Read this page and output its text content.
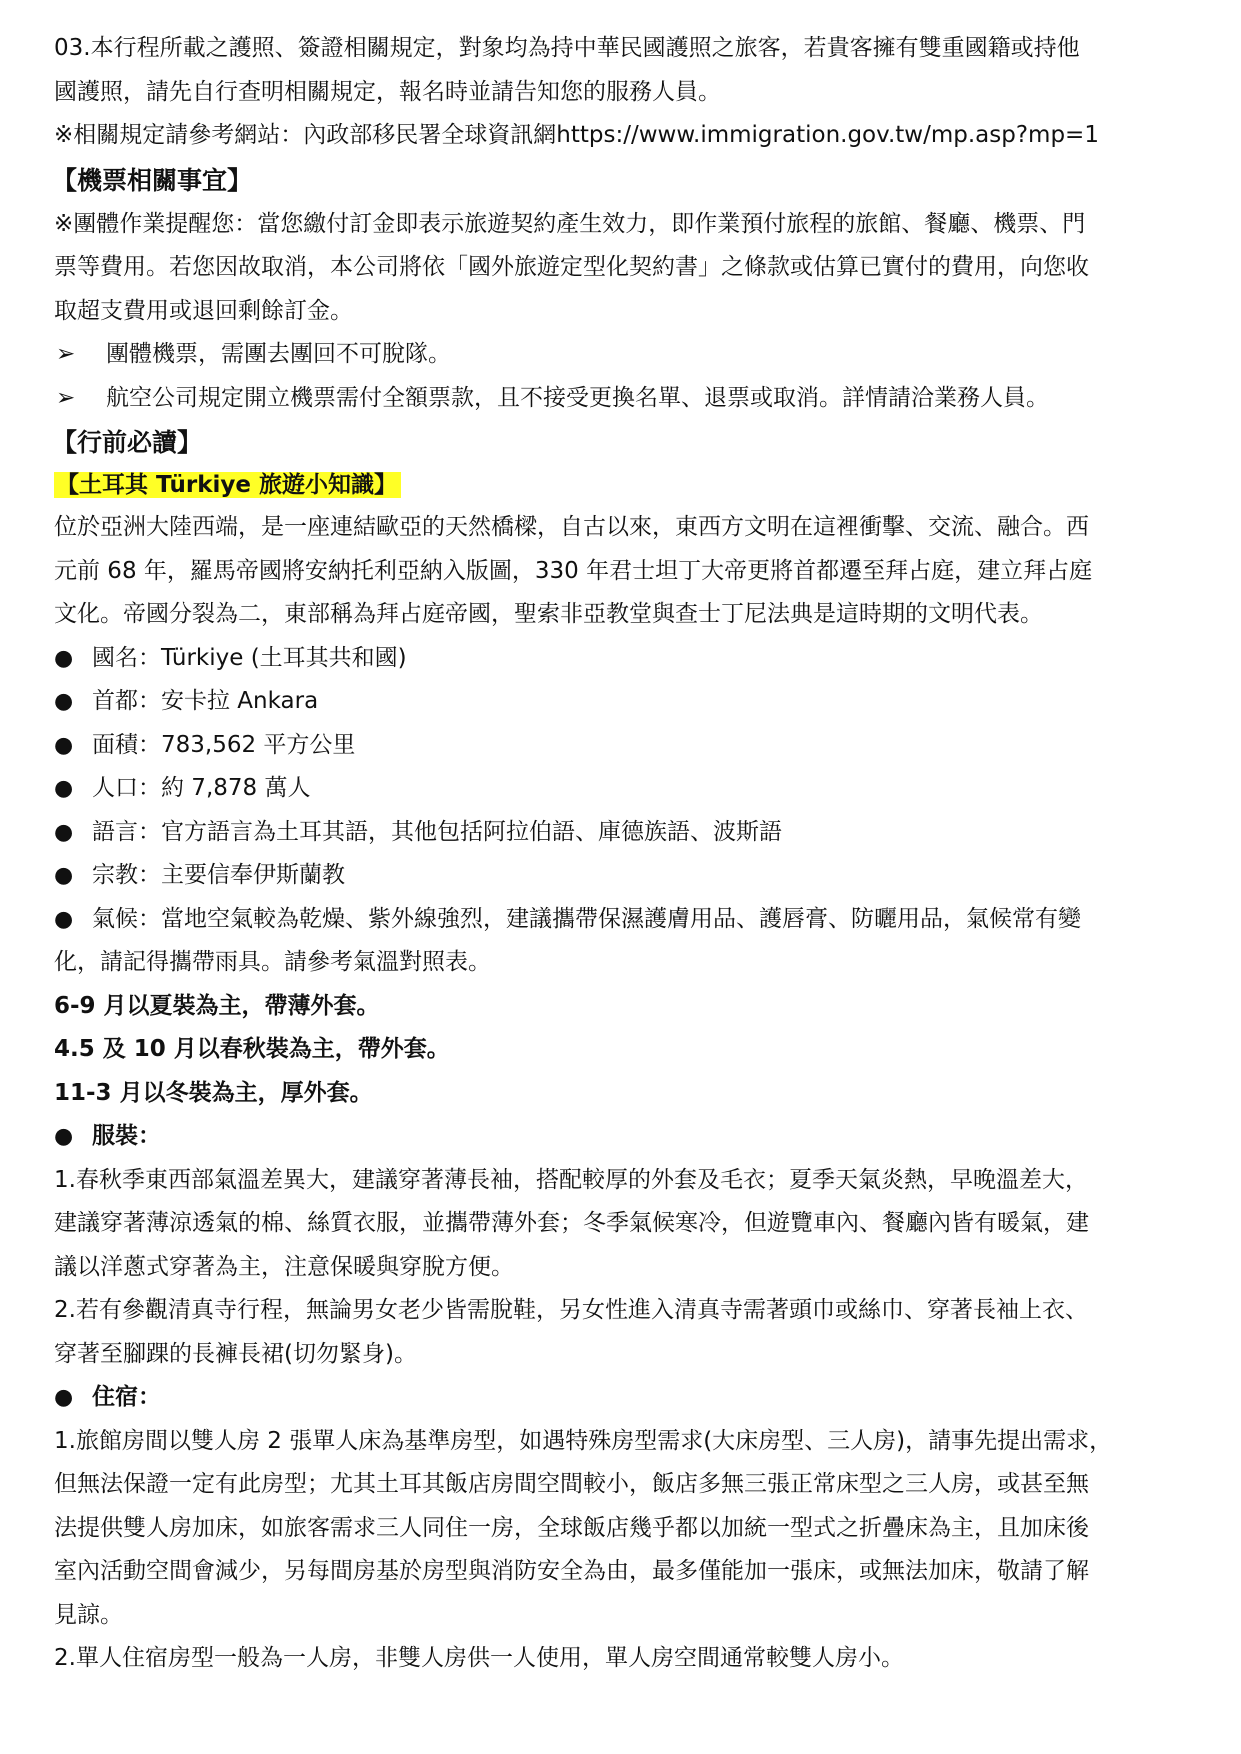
03.本行程所載之護照、簽證相關規定，對象均為持中華民國護照之旅客，若貴客擁有雙重國籍或持他

國護照，請先自行查明相關規定，報名時並請告知您的服務人員。

※相關規定請參考網站：內政部移民署全球資訊網https://www.immigration.gov.tw/mp.asp?mp=1

【機票相關事宜】

※團體作業提醒您：當您繳付訂金即表示旅遊契約產生效力，即作業預付旅程的旅館、餐廳、機票、門

票等費用。若您因故取消，本公司將依「國外旅遊定型化契約書」之條款或估算已實付的費用，向您收

取超支費用或退回剩餘訂金。

➢	團體機票，需團去團回不可脫隊。
➢	航空公司規定開立機票需付全額票款，且不接受更換名單、退票或取消。詳情請洽業務人員。

【行前必讀】

【土耳其 Türkiye 旅遊小知識】

位於亞洲大陸西端，是一座連結歐亞的天然橋樑，自古以來，東西方文明在這裡衝擊、交流、融合。西

元前 68 年，羅馬帝國將安納托利亞納入版圖，330 年君士坦丁大帝更將首都遷至拜占庭，建立拜占庭

文化。帝國分裂為二，東部稱為拜占庭帝國，聖索非亞教堂與查士丁尼法典是這時期的文明代表。

● 國名：Türkiye (土耳其共和國)
● 首都：安卡拉 Ankara
● 面積：783,562 平方公里
● 人口：約 7,878 萬人
● 語言：官方語言為土耳其語，其他包括阿拉伯語、庫德族語、波斯語
● 宗教：主要信奉伊斯蘭教
● 氣候：當地空氣較為乾燥、紫外線強烈，建議攜帶保濕護膚用品、護唇膏、防曬用品，氣候常有變

化，請記得攜帶雨具。請參考氣溫對照表。

6-9 月以夏裝為主，帶薄外套。

4.5 及 10 月以春秋裝為主，帶外套。

11-3 月以冬裝為主，厚外套。

● 服裝：

1.春秋季東西部氣溫差異大，建議穿著薄長袖，搭配較厚的外套及毛衣；夏季天氣炎熱，早晚溫差大，

建議穿著薄涼透氣的棉、絲質衣服，並攜帶薄外套；冬季氣候寒冷，但遊覽車內、餐廳內皆有暖氣，建

議以洋蔥式穿著為主，注意保暖與穿脫方便。

2.若有參觀清真寺行程，無論男女老少皆需脫鞋，另女性進入清真寺需著頭巾或絲巾、穿著長袖上衣、

穿著至腳踝的長褲長裙(切勿緊身)。

● 住宿：

1.旅館房間以雙人房 2 張單人床為基準房型，如遇特殊房型需求(大床房型、三人房)，請事先提出需求，

但無法保證一定有此房型；尤其土耳其飯店房間空間較小，飯店多無三張正常床型之三人房，或甚至無

法提供雙人房加床，如旅客需求三人同住一房，全球飯店幾乎都以加統一型式之折疊床為主，且加床後

室內活動空間會減少，另每間房基於房型與消防安全為由，最多僅能加一張床，或無法加床，敬請了解

見諒。

2.單人住宿房型一般為一人房，非雙人房供一人使用，單人房空間通常較雙人房小。
